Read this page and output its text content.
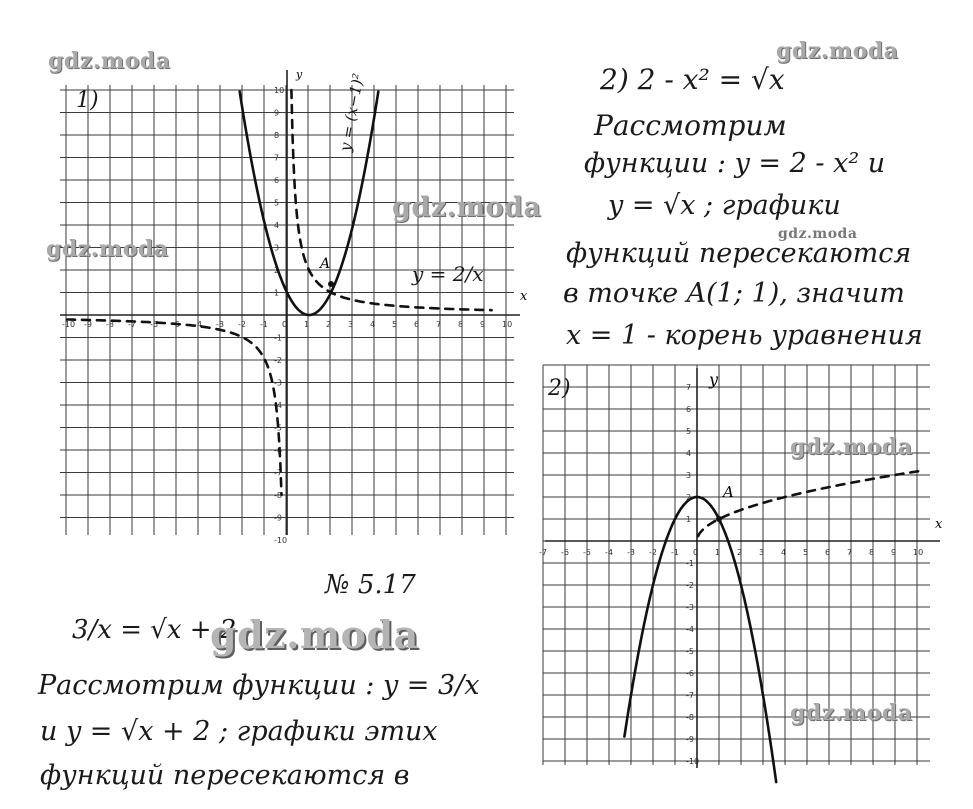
-10 -9 -8 -7 -6 -5 -4 -3 -2 -1 0 1 2 3 4 5 6 7 8 9 10
10
9
8
7
6
5
4
3
2
1
-1
-2
-3
-4
-5
-6
-7
-8
-9
-10
x
y
A
-7 -6 -5 -4 -3 -2 -1 0 1 2 3 4 5 6 7 8 9 10
7
6
5
4
3
2
1
-1
-2
-3
-4
-5
-6
-7
-8
-9
-10
x
y
A
1)
2)
y = 2/x
y = (x−1)²	2) 2 - x² = √x
Рассмотрим
функции : y = 2 - x² и
y = √x ; графики
функций пересекаются
в точке A(1; 1), значит
x = 1 - корень уравнения
№ 5.17
3/x = √x + 2
Рассмотрим функции : y = 3/x
и y = √x + 2 ; графики этих
функций пересекаются в
gdz.moda	gdz.moda
gdz.moda
gdz.moda
gdz.moda
gdz.moda
gdz.moda
gdz.moda
